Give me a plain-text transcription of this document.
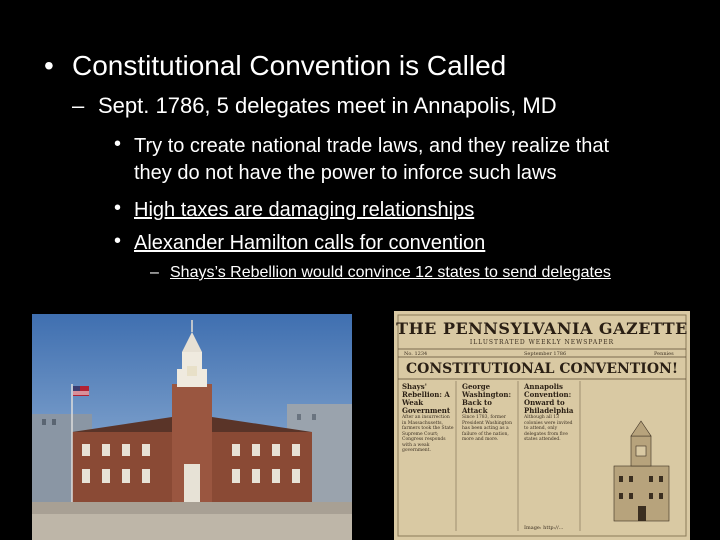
• Constitutional Convention is Called
– Sept. 1786, 5 delegates meet in Annapolis, MD
• Try to create national trade laws, and they realize that
they do not have the power to inforce such laws
• High taxes are damaging relationships
• Alexander Hamilton calls for convention
– Shays’s Rebellion would convince 12 states to send delegates
THE PENNSYLVANIA GAZETTE
ILLUSTRATED WEEKLY NEWSPAPER
No. 1234	September 1786	Pennies
CONSTITUTIONAL CONVENTION!
Shays' Rebellion: A Weak Government
After an insurrection in Massachusetts, farmers took the State Supreme Court; Congress responds with a weak government.
George Washington: Back to Attack
Since 1783, former President Washington has been acting as a failure of the nation, more and more.
Annapolis Convention: Onward to Philadelphia
Although all 13 colonies were invited to attend, only delegates from five states attended.
Image: http://...
